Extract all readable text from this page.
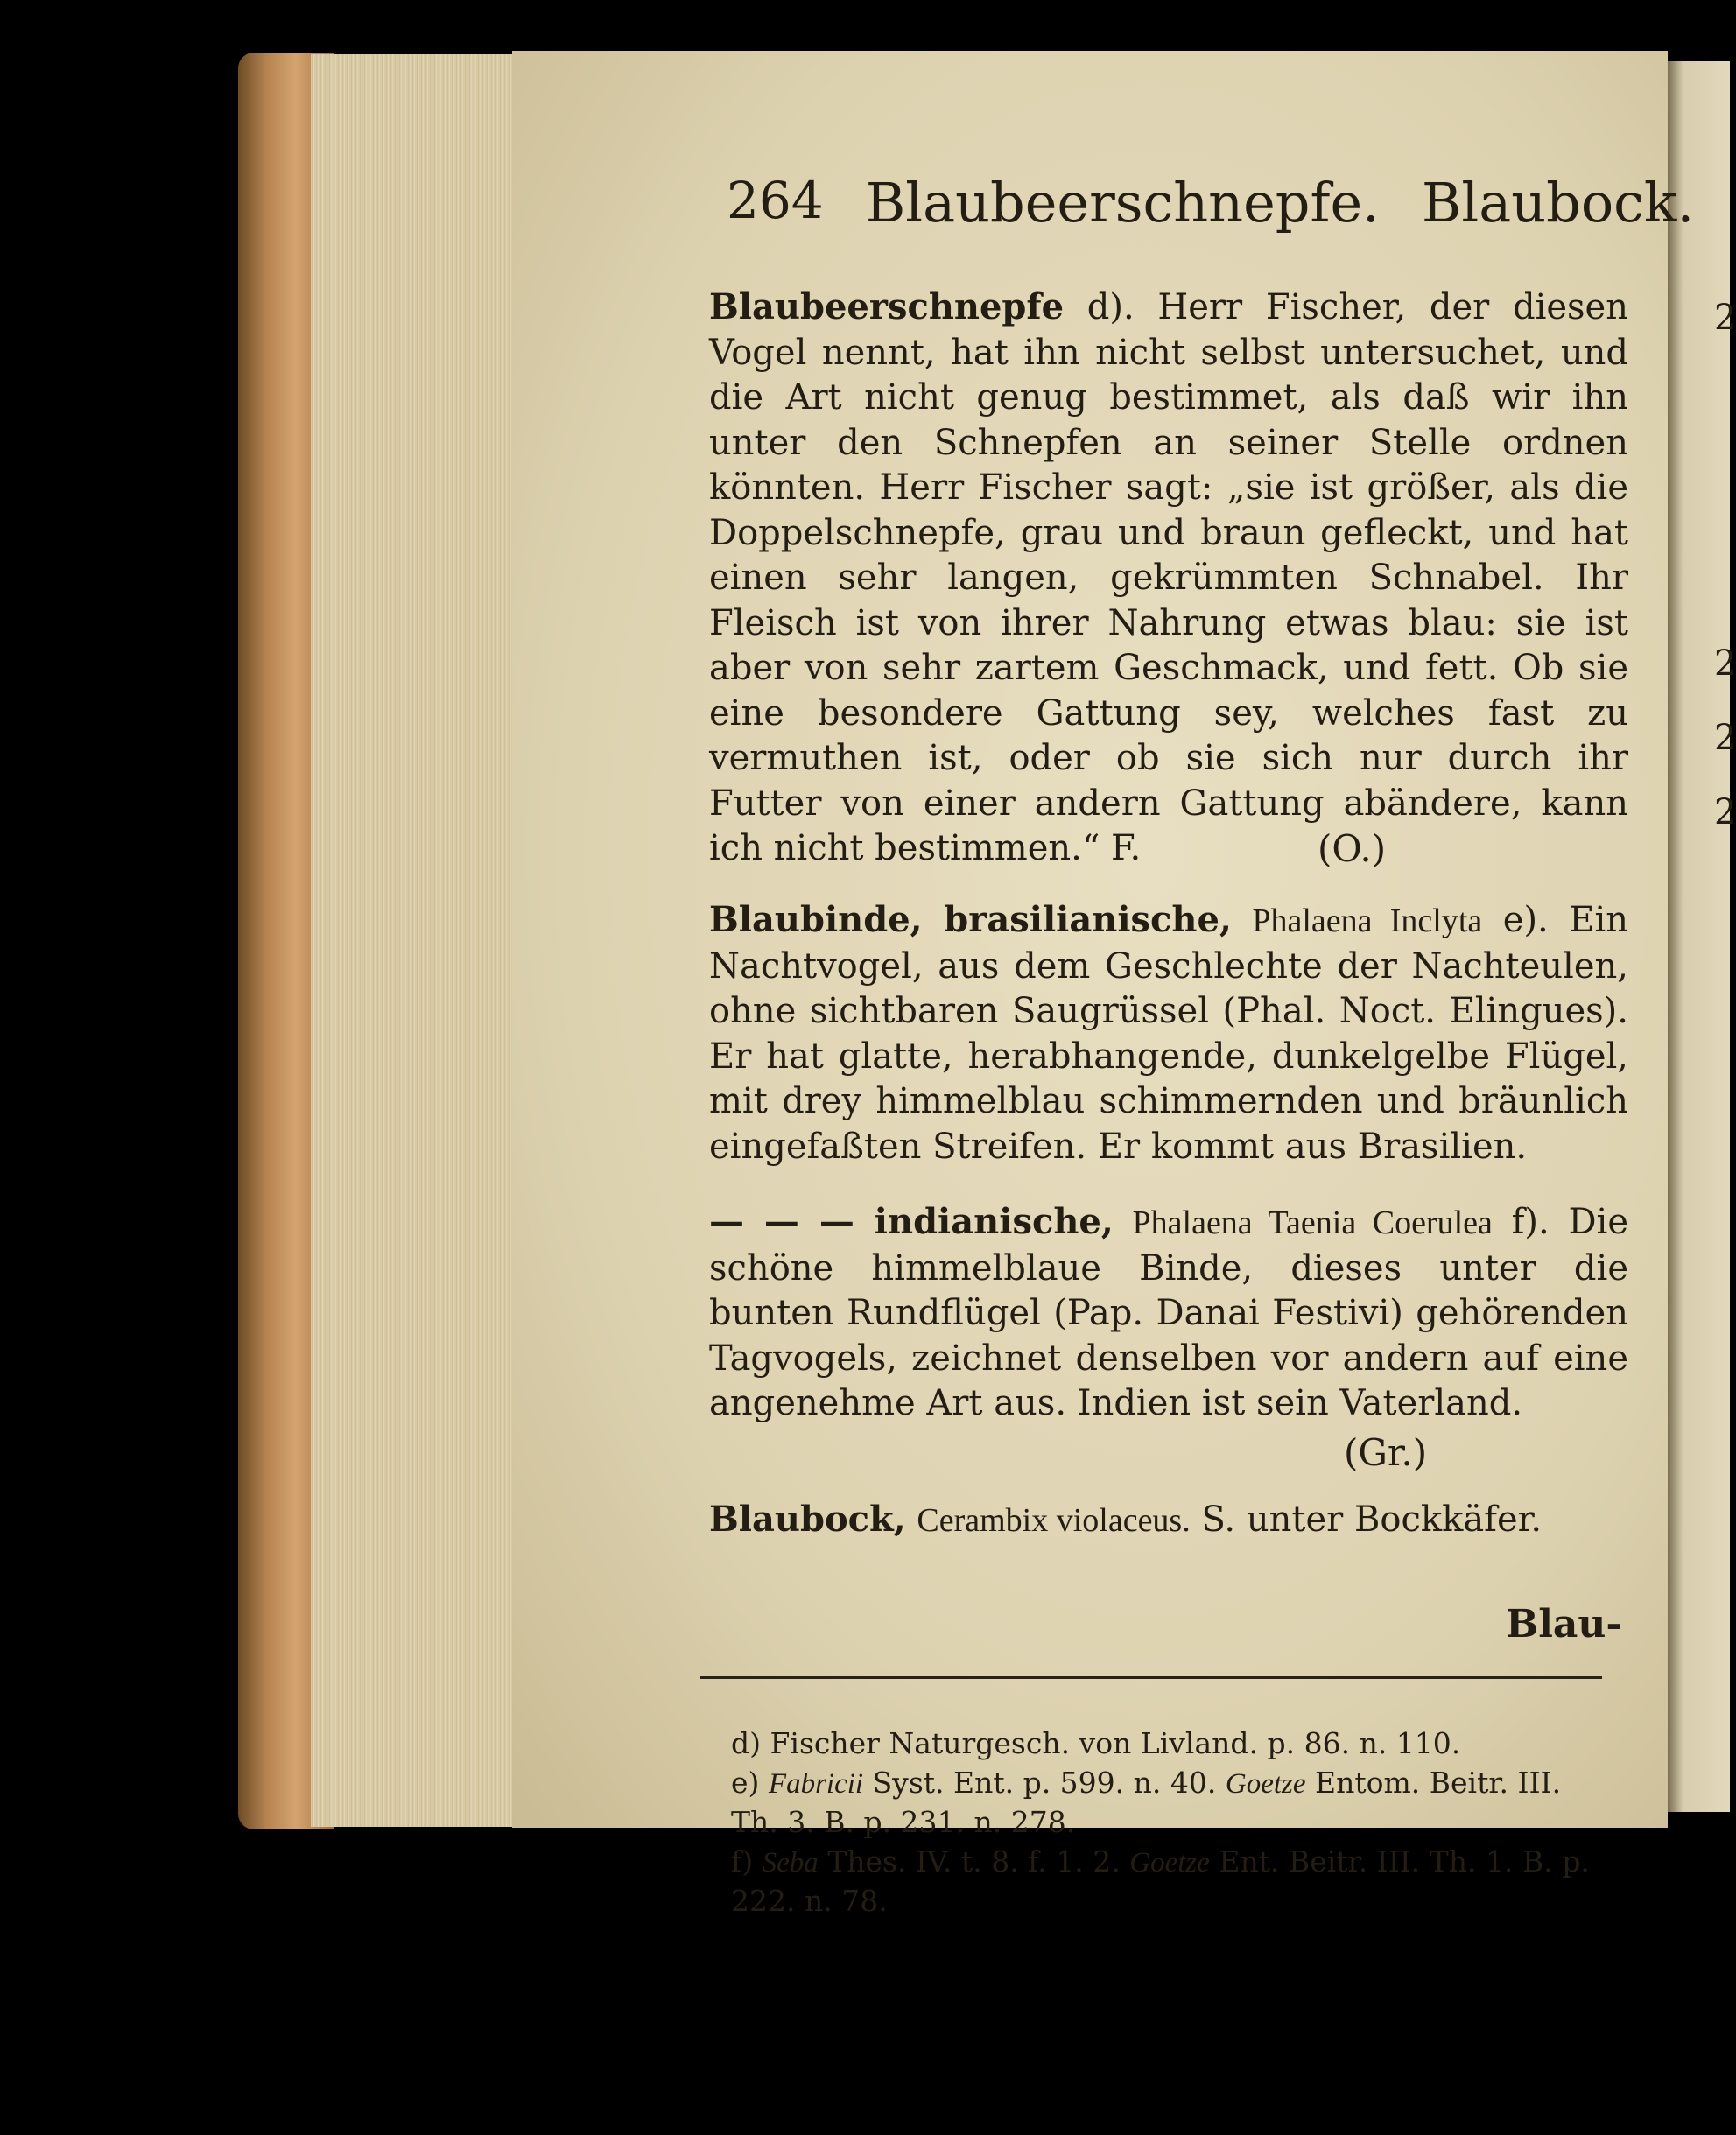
2
2
2
2
264 Blaubeerschnepfe. Blaubock.
Blaubeerschnepfe d). Herr Fischer, der diesen Vogel nennt, hat ihn nicht selbst untersuchet, und die Art nicht genug bestimmet, als daß wir ihn unter den Schnepfen an seiner Stelle ordnen könnten. Herr Fischer sagt: „sie ist größer, als die Doppelschnepfe, grau und braun gefleckt, und hat einen sehr langen, gekrümmten Schnabel. Ihr Fleisch ist von ihrer Nahrung etwas blau: sie ist aber von sehr zartem Geschmack, und fett. Ob sie eine besondere Gattung sey, welches fast zu vermuthen ist, oder ob sie sich nur durch ihr Futter von einer andern Gattung abändere, kann ich nicht bestimmen.“ F.	(O.)
Blaubinde, brasilianische, Phalaena Inclyta e). Ein Nachtvogel, aus dem Geschlechte der Nachteulen, ohne sichtbaren Saugrüssel (Phal. Noct. Elingues). Er hat glatte, herabhangende, dunkelgelbe Flügel, mit drey himmelblau schimmernden und bräunlich eingefaßten Streifen. Er kommt aus Brasilien.
— — — indianische, Phalaena Taenia Coerulea f). Die schöne himmelblaue Binde, dieses unter die bunten Rundflügel (Pap. Danai Festivi) gehörenden Tagvogels, zeichnet denselben vor andern auf eine angenehme Art aus. Indien ist sein Vaterland.
(Gr.)
Blaubock, Cerambix violaceus. S. unter Bockkäfer.
Blau-
d) Fischer Naturgesch. von Livland. p. 86. n. 110.
e) Fabricii Syst. Ent. p. 599. n. 40. Goetze Entom. Beitr. III. Th. 3. B. p. 231. n. 278.
f) Seba Thes. IV. t. 8. f. 1. 2. Goetze Ent. Beitr. III. Th. 1. B. p. 222. n. 78.
